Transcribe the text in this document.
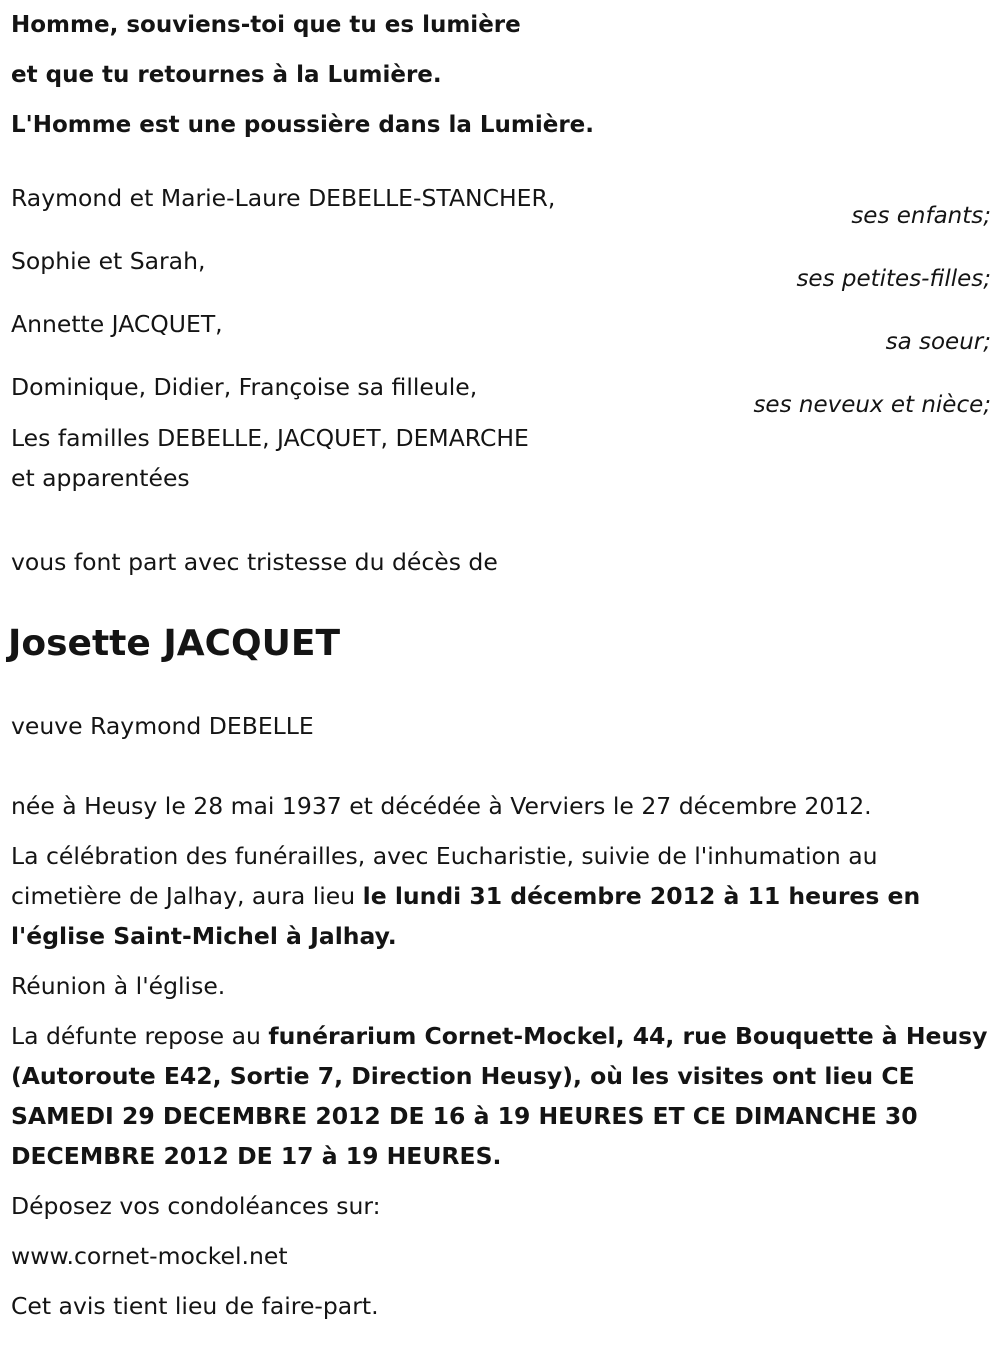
Homme, souviens-toi que tu es lumière

et que tu retournes à la Lumière.

L'Homme est une poussière dans la Lumière.

Raymond et Marie-Laure DEBELLE-STANCHER,
ses enfants;
Sophie et Sarah,
ses petites-filles;
Annette JACQUET,
sa soeur;
Dominique, Didier, Françoise sa filleule,
ses neveux et nièce;
Les familles DEBELLE, JACQUET, DEMARCHE
et apparentées
vous font part avec tristesse du décès de
Josette JACQUET
veuve Raymond DEBELLE

née à Heusy le 28 mai 1937 et décédée à Verviers le 27 décembre 2012.

La célébration des funérailles, avec Eucharistie, suivie de l'inhumation au cimetière de Jalhay, aura lieu le lundi 31 décembre 2012 à 11 heures en l'église Saint-Michel à Jalhay.

Réunion à l'église.

La défunte repose au funérarium Cornet-Mockel, 44, rue Bouquette à Heusy (Autoroute E42, Sortie 7, Direction Heusy), où les visites ont lieu CE SAMEDI 29 DECEMBRE 2012 DE 16 à 19 HEURES ET CE DIMANCHE 30 DECEMBRE 2012 DE 17 à 19 HEURES.

Déposez vos condoléances sur:

www.cornet-mockel.net

Cet avis tient lieu de faire-part.
